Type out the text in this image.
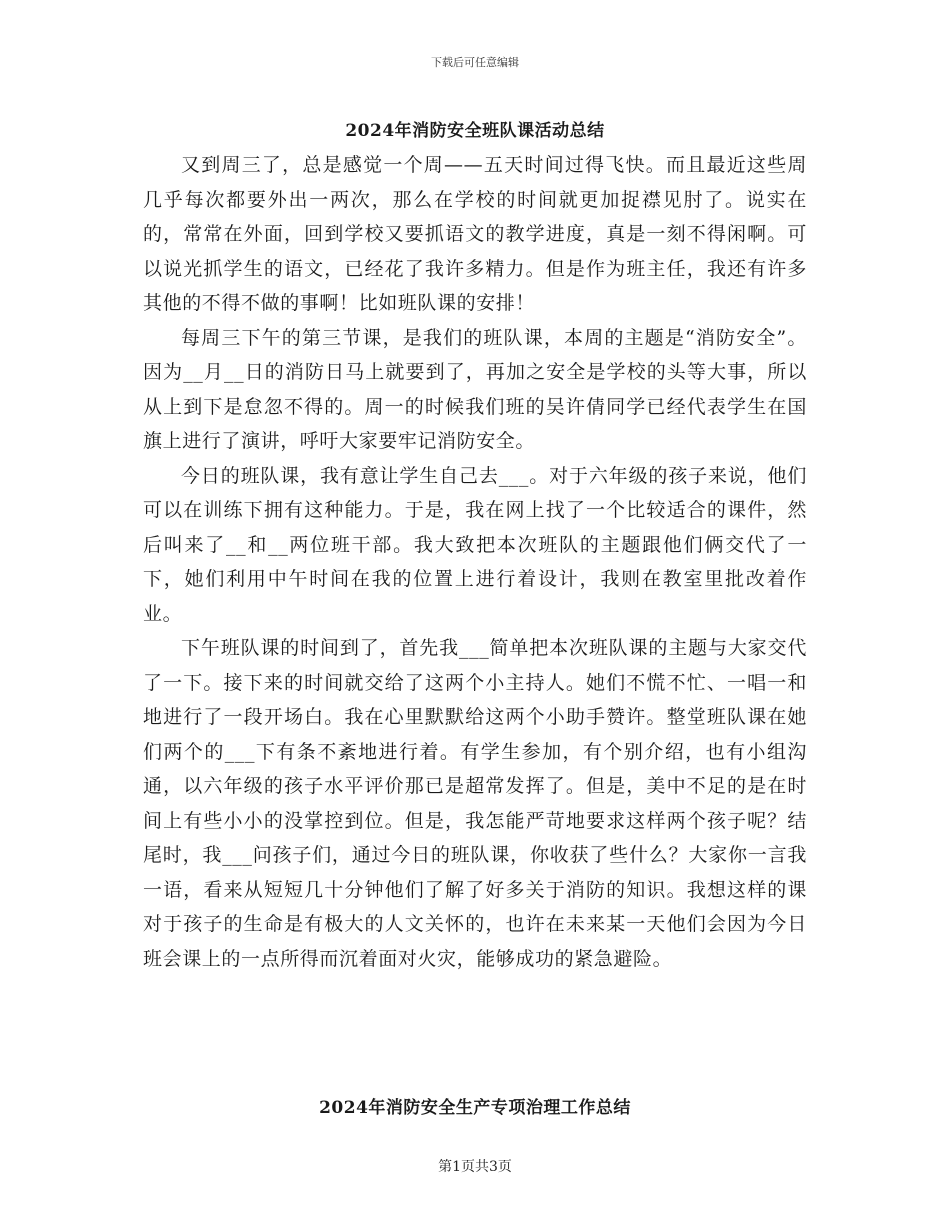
下载后可任意编辑
2024年消防安全班队课活动总结

又到周三了，总是感觉一个周——五天时间过得飞快。而且最近这些周几乎每次都要外出一两次，那么在学校的时间就更加捉襟见肘了。说实在的，常常在外面，回到学校又要抓语文的教学进度，真是一刻不得闲啊。可以说光抓学生的语文，已经花了我许多精力。但是作为班主任，我还有许多其他的不得不做的事啊！比如班队课的安排！

每周三下午的第三节课，是我们的班队课，本周的主题是“消防安全”。因为__月__日的消防日马上就要到了，再加之安全是学校的头等大事，所以从上到下是怠忽不得的。周一的时候我们班的吴许倩同学已经代表学生在国旗上进行了演讲，呼吁大家要牢记消防安全。

今日的班队课，我有意让学生自己去___。对于六年级的孩子来说，他们可以在训练下拥有这种能力。于是，我在网上找了一个比较适合的课件，然后叫来了__和__两位班干部。我大致把本次班队的主题跟他们俩交代了一下，她们利用中午时间在我的位置上进行着设计，我则在教室里批改着作业。

下午班队课的时间到了，首先我___简单把本次班队课的主题与大家交代了一下。接下来的时间就交给了这两个小主持人。她们不慌不忙、一唱一和地进行了一段开场白。我在心里默默给这两个小助手赞许。整堂班队课在她们两个的___下有条不紊地进行着。有学生参加，有个别介绍，也有小组沟通，以六年级的孩子水平评价那已是超常发挥了。但是，美中不足的是在时间上有些小小的没掌控到位。但是，我怎能严苛地要求这样两个孩子呢？结尾时，我___问孩子们，通过今日的班队课，你收获了些什么？大家你一言我一语，看来从短短几十分钟他们了解了好多关于消防的知识。我想这样的课对于孩子的生命是有极大的人文关怀的，也许在未来某一天他们会因为今日班会课上的一点所得而沉着面对火灾，能够成功的紧急避险。

2024年消防安全生产专项治理工作总结
第1页共3页
